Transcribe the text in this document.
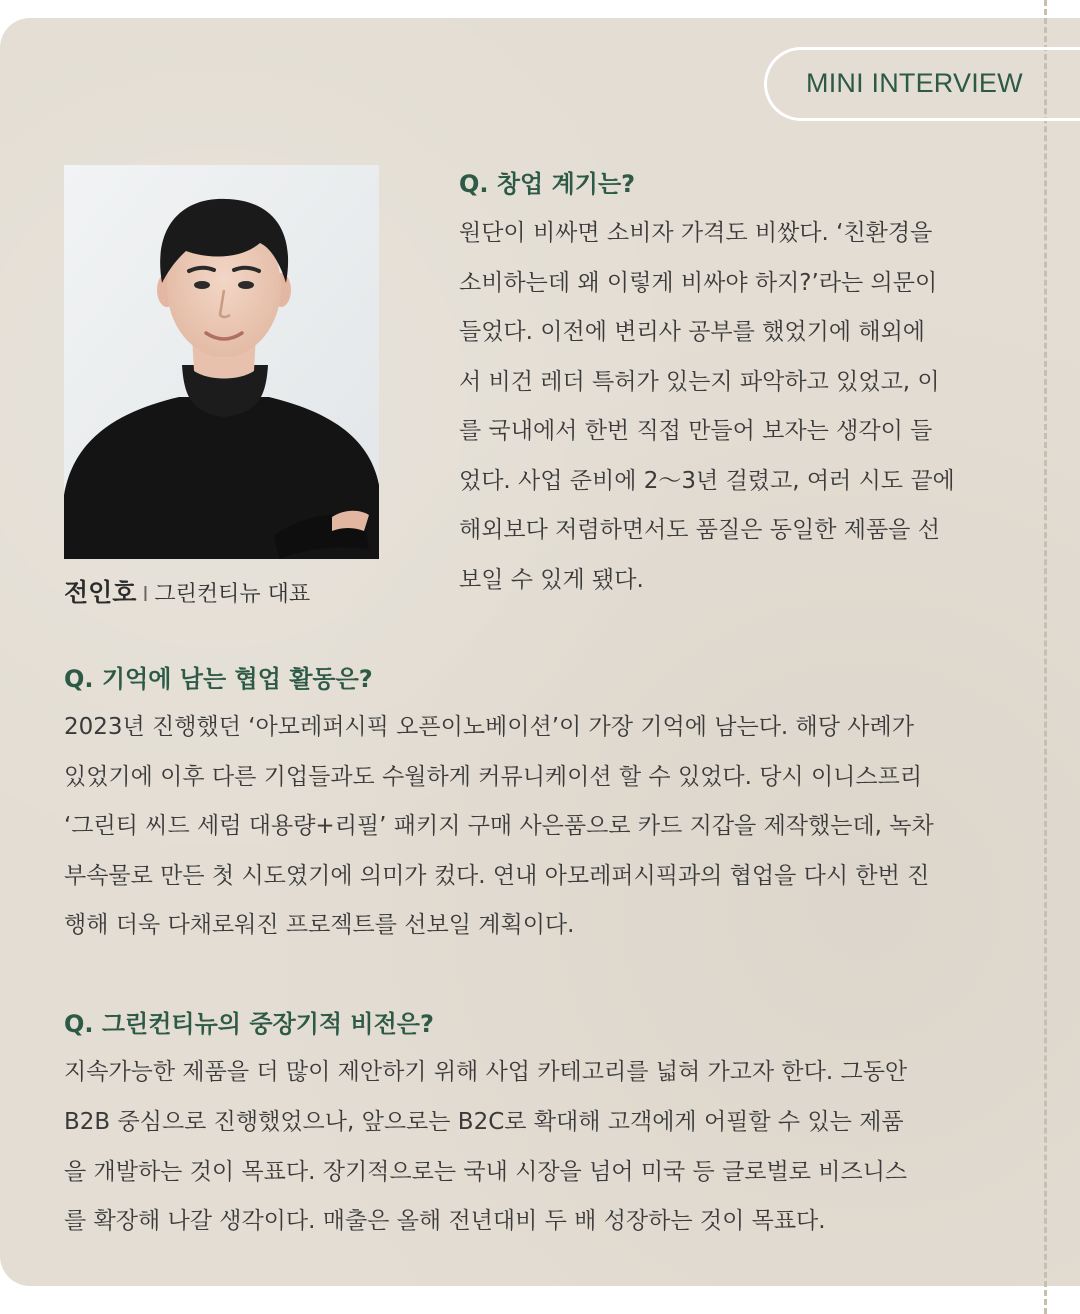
MINI INTERVIEW
전인호 I 그린컨티뉴 대표
Q. 창업 계기는?
원단이 비싸면 소비자 가격도 비쌌다. ‘친환경을
소비하는데 왜 이렇게 비싸야 하지?’라는 의문이
들었다. 이전에 변리사 공부를 했었기에 해외에
서 비건 레더 특허가 있는지 파악하고 있었고, 이
를 국내에서 한번 직접 만들어 보자는 생각이 들
었다. 사업 준비에 2～3년 걸렸고, 여러 시도 끝에
해외보다 저렴하면서도 품질은 동일한 제품을 선
보일 수 있게 됐다.
Q. 기억에 남는 협업 활동은?
2023년 진행했던 ‘아모레퍼시픽 오픈이노베이션’이 가장 기억에 남는다. 해당 사례가
있었기에 이후 다른 기업들과도 수월하게 커뮤니케이션 할 수 있었다. 당시 이니스프리
‘그린티 씨드 세럼 대용량+리필’ 패키지 구매 사은품으로 카드 지갑을 제작했는데, 녹차
부속물로 만든 첫 시도였기에 의미가 컸다. 연내 아모레퍼시픽과의 협업을 다시 한번 진
행해 더욱 다채로워진 프로젝트를 선보일 계획이다.
Q. 그린컨티뉴의 중장기적 비전은?
지속가능한 제품을 더 많이 제안하기 위해 사업 카테고리를 넓혀 가고자 한다. 그동안
B2B 중심으로 진행했었으나, 앞으로는 B2C로 확대해 고객에게 어필할 수 있는 제품
을 개발하는 것이 목표다. 장기적으로는 국내 시장을 넘어 미국 등 글로벌로 비즈니스
를 확장해 나갈 생각이다. 매출은 올해 전년대비 두 배 성장하는 것이 목표다.
